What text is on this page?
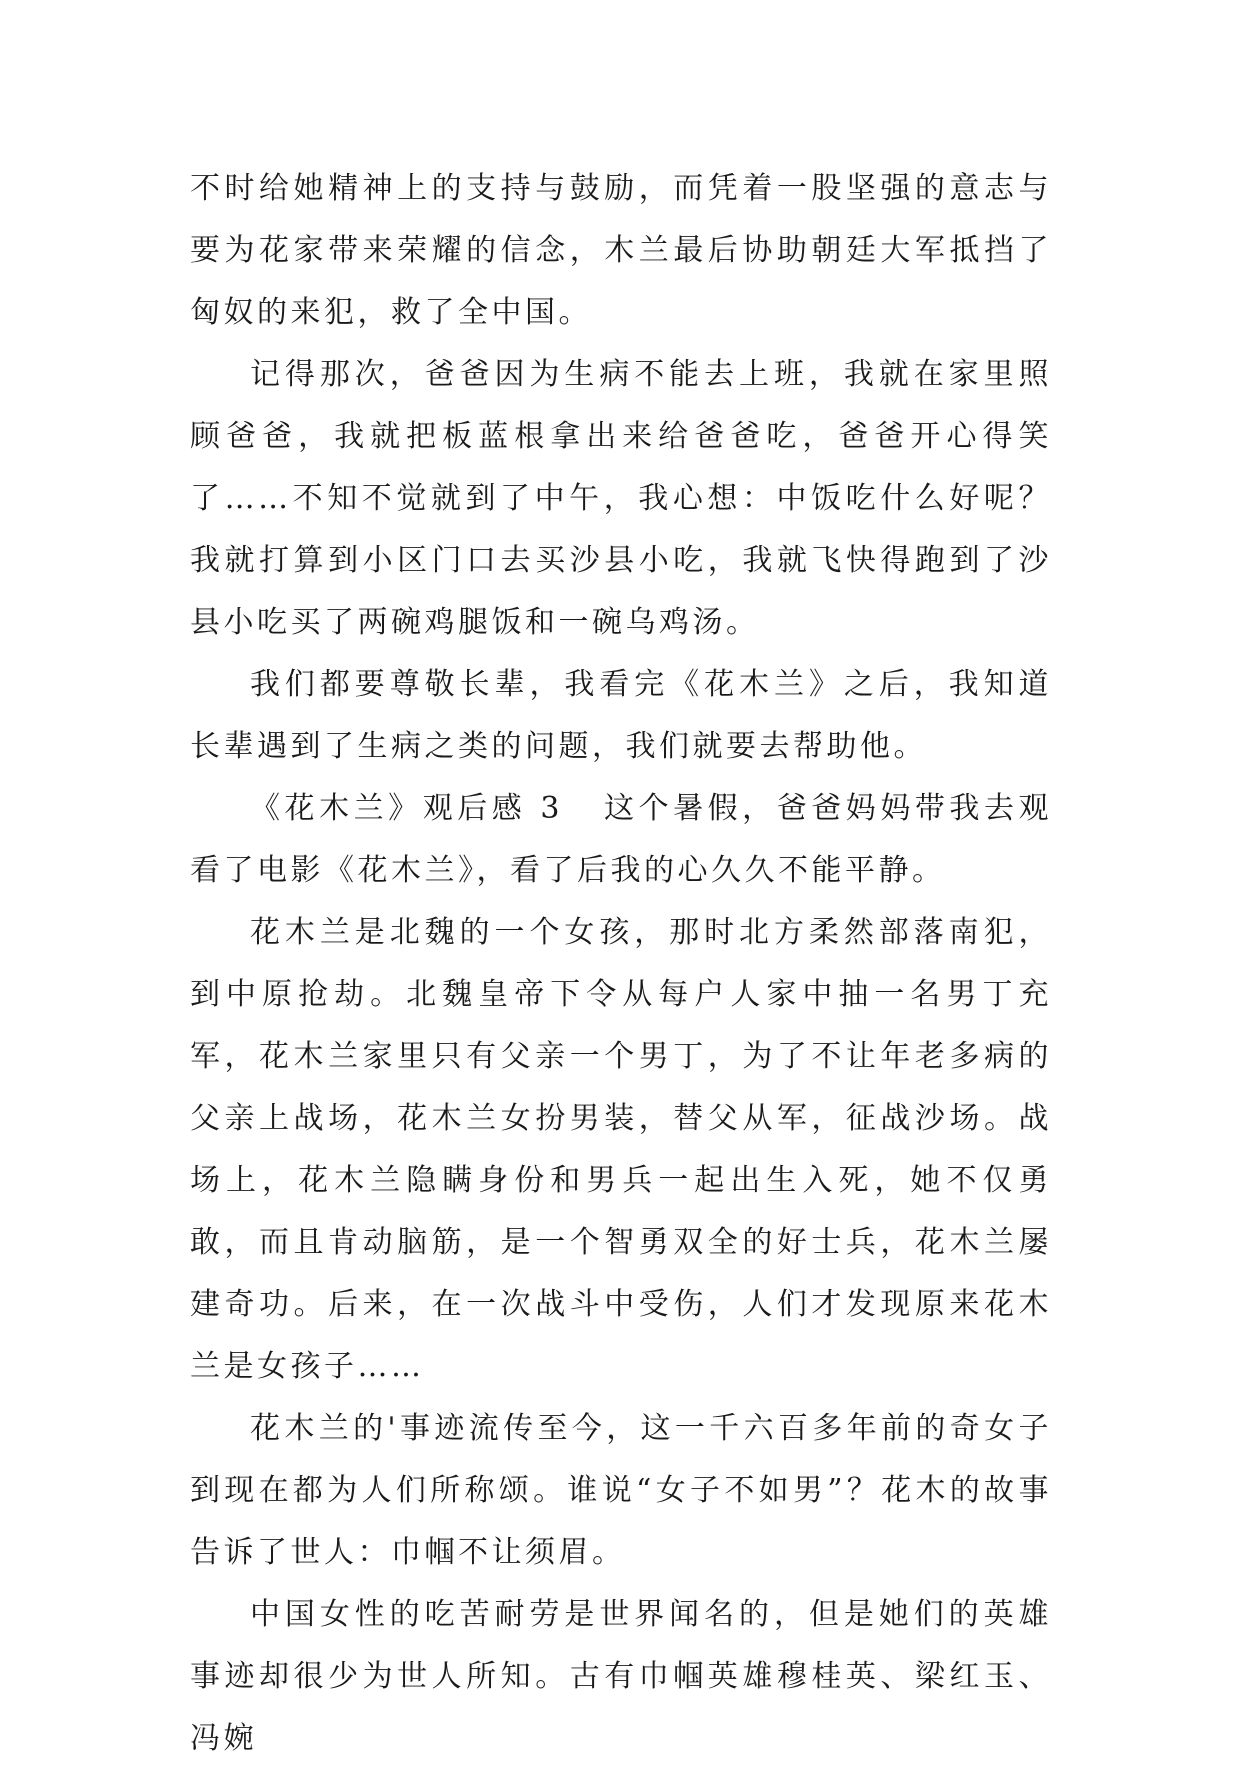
不时给她精神上的支持与鼓励，而凭着一股坚强的意志与要为花家带来荣耀的信念，木兰最后协助朝廷大军抵挡了匈奴的来犯，救了全中国。

记得那次，爸爸因为生病不能去上班，我就在家里照顾爸爸，我就把板蓝根拿出来给爸爸吃，爸爸开心得笑了……不知不觉就到了中午，我心想：中饭吃什么好呢？我就打算到小区门口去买沙县小吃，我就飞快得跑到了沙县小吃买了两碗鸡腿饭和一碗乌鸡汤。

我们都要尊敬长辈，我看完《花木兰》之后，我知道长辈遇到了生病之类的问题，我们就要去帮助他。

《花木兰》观后感 3 这个暑假，爸爸妈妈带我去观看了电影《花木兰》，看了后我的心久久不能平静。

花木兰是北魏的一个女孩，那时北方柔然部落南犯，到中原抢劫。北魏皇帝下令从每户人家中抽一名男丁充军，花木兰家里只有父亲一个男丁，为了不让年老多病的父亲上战场，花木兰女扮男装，替父从军，征战沙场。战场上，花木兰隐瞒身份和男兵一起出生入死，她不仅勇敢，而且肯动脑筋，是一个智勇双全的好士兵，花木兰屡建奇功。后来，在一次战斗中受伤，人们才发现原来花木兰是女孩子……

花木兰的'事迹流传至今，这一千六百多年前的奇女子到现在都为人们所称颂。谁说“女子不如男”？花木的故事告诉了世人：巾帼不让须眉。

中国女性的吃苦耐劳是世界闻名的，但是她们的英雄事迹却很少为世人所知。古有巾帼英雄穆桂英、梁红玉、冯婉
